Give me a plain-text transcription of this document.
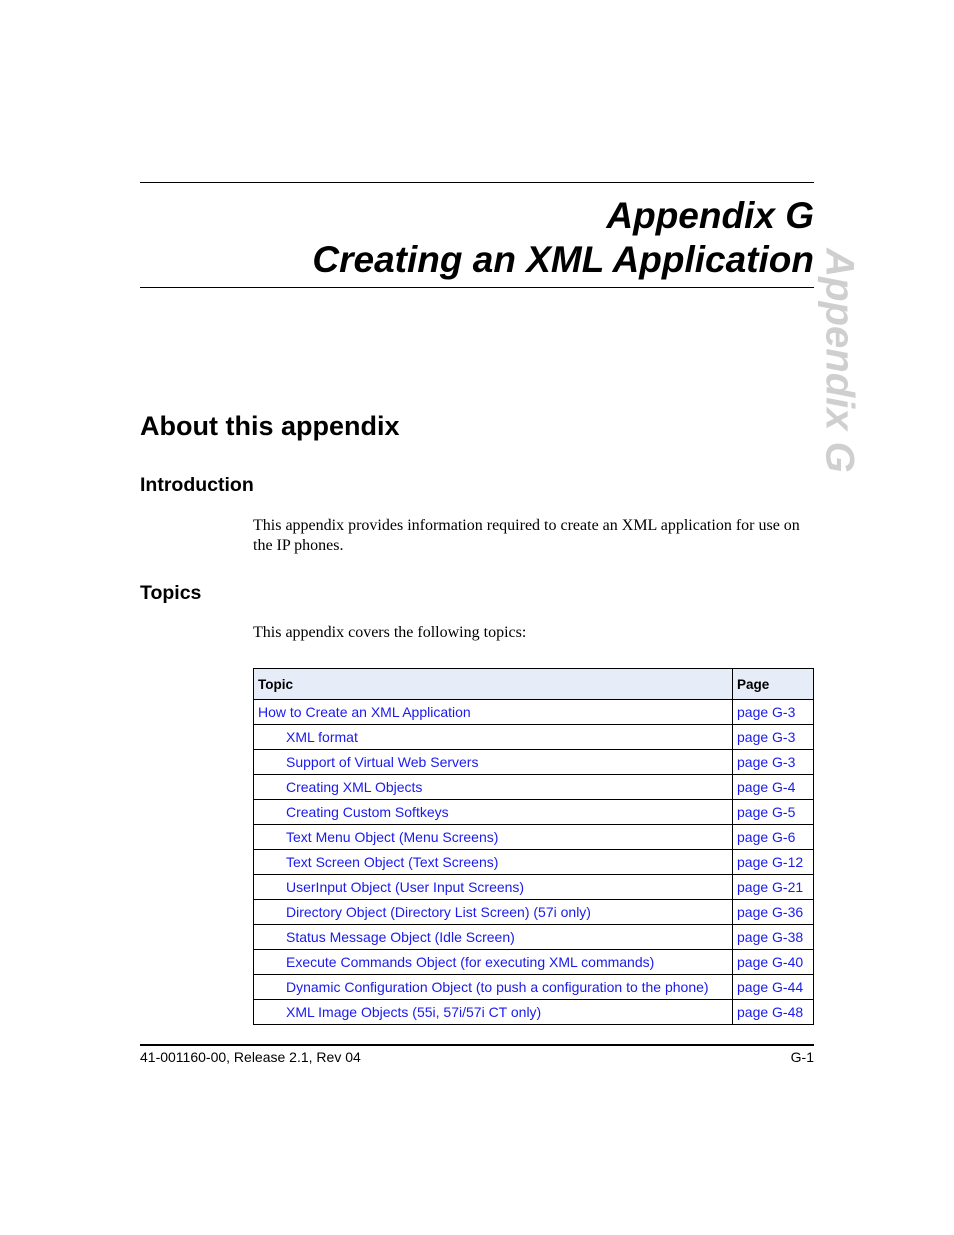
Appendix G
Creating an XML Application Appendix G
About this appendix
Introduction

This appendix provides information required to create an XML application for use on the IP phones.

Topics

This appendix covers the following topics:

Topic	Page
How to Create an XML Application	page G-3
XML format	page G-3
Support of Virtual Web Servers	page G-3
Creating XML Objects	page G-4
Creating Custom Softkeys	page G-5
Text Menu Object (Menu Screens)	page G-6
Text Screen Object (Text Screens)	page G-12
UserInput Object (User Input Screens)	page G-21
Directory Object (Directory List Screen) (57i only)	page G-36
Status Message Object (Idle Screen)	page G-38
Execute Commands Object (for executing XML commands)	page G-40
Dynamic Configuration Object (to push a configuration to the phone)	page G-44
XML Image Objects (55i, 57i/57i CT only)	page G-48

41-001160-00, Release 2.1, Rev 04	G-1
